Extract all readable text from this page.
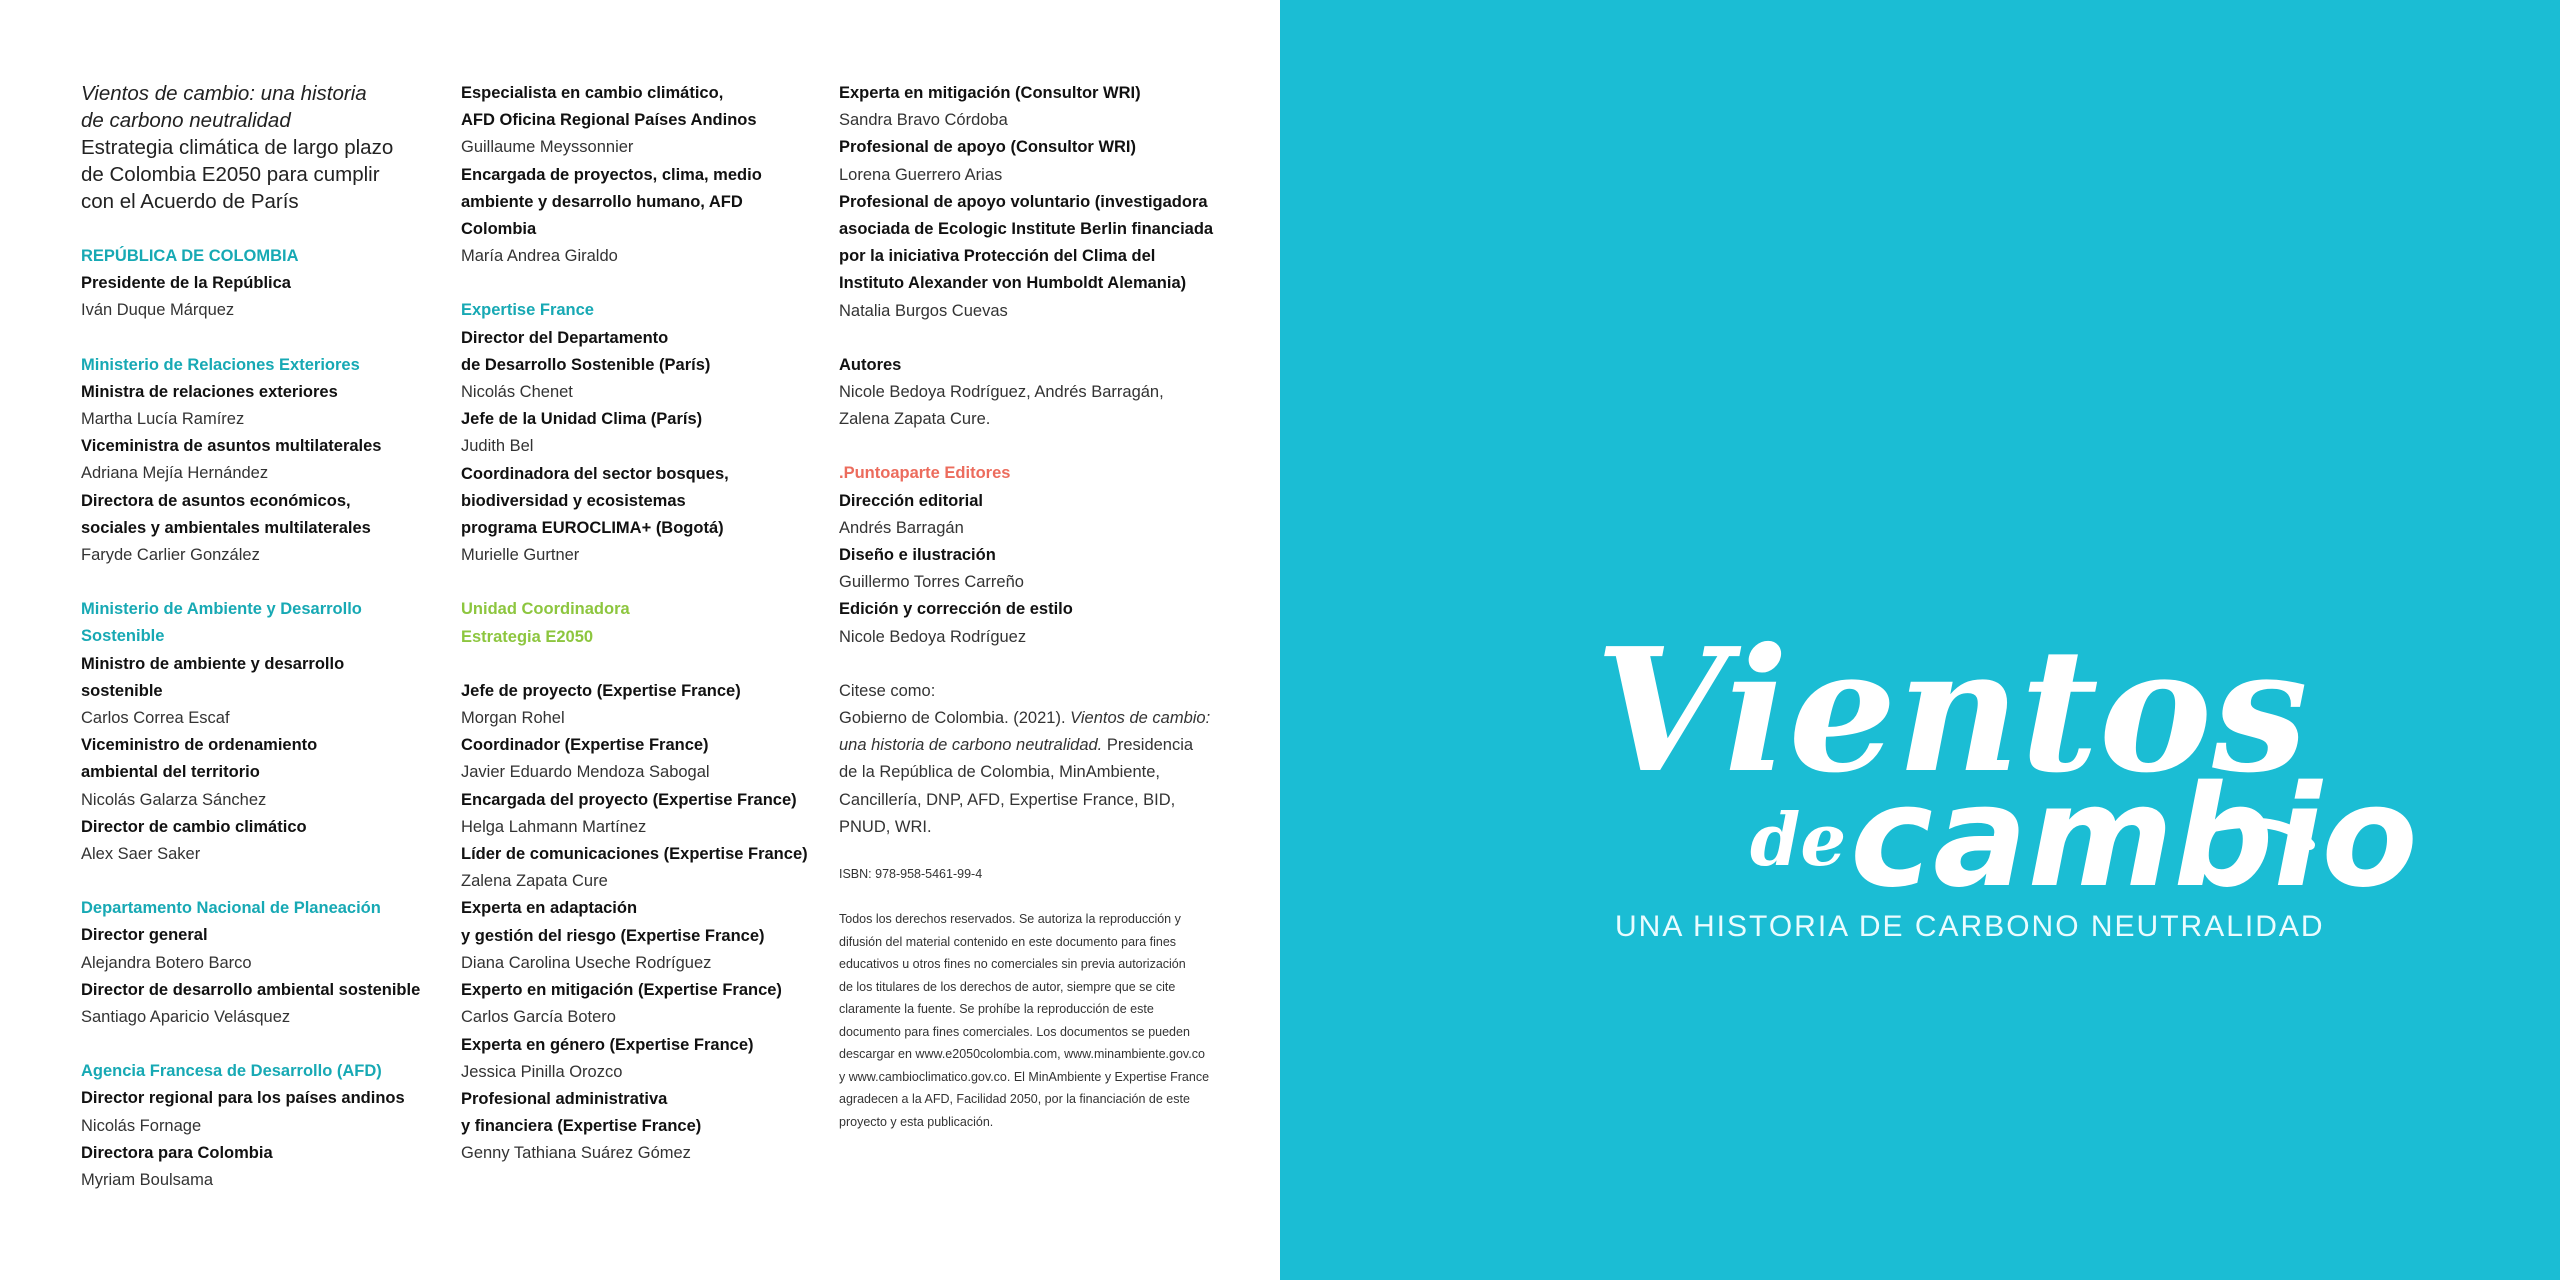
Vientos de cambio: una historia
de carbono neutralidad
Estrategia climática de largo plazo
de Colombia E2050 para cumplir
con el Acuerdo de París
REPÚBLICA DE COLOMBIA
Presidente de la República
Iván Duque Márquez
Ministerio de Relaciones Exteriores
Ministra de relaciones exteriores
Martha Lucía Ramírez
Viceministra de asuntos multilaterales
Adriana Mejía Hernández
Directora de asuntos económicos,
sociales y ambientales multilaterales
Faryde Carlier González
Ministerio de Ambiente y Desarrollo
Sostenible
Ministro de ambiente y desarrollo sostenible
Carlos Correa Escaf
Viceministro de ordenamiento
ambiental del territorio
Nicolás Galarza Sánchez
Director de cambio climático
Alex Saer Saker
Departamento Nacional de Planeación
Director general
Alejandra Botero Barco
Director de desarrollo ambiental sostenible
Santiago Aparicio Velásquez
Agencia Francesa de Desarrollo (AFD)
Director regional para los países andinos
Nicolás Fornage
Directora para Colombia
Myriam Boulsama
Especialista en cambio climático,
AFD Oficina Regional Países Andinos
Guillaume Meyssonnier
Encargada de proyectos, clima, medio
ambiente y desarrollo humano, AFD Colombia
María Andrea Giraldo
Expertise France
Director del Departamento
de Desarrollo Sostenible (París)
Nicolás Chenet
Jefe de la Unidad Clima (París)
Judith Bel
Coordinadora del sector bosques,
biodiversidad y ecosistemas
programa EUROCLIMA+ (Bogotá)
Murielle Gurtner
Unidad Coordinadora
Estrategia E2050
Jefe de proyecto (Expertise France)
Morgan Rohel
Coordinador (Expertise France)
Javier Eduardo Mendoza Sabogal
Encargada del proyecto (Expertise France)
Helga Lahmann Martínez
Líder de comunicaciones (Expertise France)
Zalena Zapata Cure
Experta en adaptación
y gestión del riesgo (Expertise France)
Diana Carolina Useche Rodríguez
Experto en mitigación (Expertise France)
Carlos García Botero
Experta en género (Expertise France)
Jessica Pinilla Orozco
Profesional administrativa
y financiera (Expertise France)
Genny Tathiana Suárez Gómez
Experta en mitigación (Consultor WRI)
Sandra Bravo Córdoba
Profesional de apoyo (Consultor WRI)
Lorena Guerrero Arias
Profesional de apoyo voluntario (investigadora
asociada de Ecologic Institute Berlin financiada
por la iniciativa Protección del Clima del
Instituto Alexander von Humboldt Alemania)
Natalia Burgos Cuevas
Autores
Nicole Bedoya Rodríguez, Andrés Barragán,
Zalena Zapata Cure.
.Puntoaparte Editores
Dirección editorial
Andrés Barragán
Diseño e ilustración
Guillermo Torres Carreño
Edición y corrección de estilo
Nicole Bedoya Rodríguez
Citese como:
Gobierno de Colombia. (2021). Vientos de cambio:
una historia de carbono neutralidad. Presidencia
de la República de Colombia, MinAmbiente,
Cancillería, DNP, AFD, Expertise France, BID,
PNUD, WRI.
ISBN: 978-958-5461-99-4
Todos los derechos reservados. Se autoriza la reproducción y
difusión del material contenido en este documento para fines
educativos u otros fines no comerciales sin previa autorización
de los titulares de los derechos de autor, siempre que se cite
claramente la fuente. Se prohíbe la reproducción de este
documento para fines comerciales. Los documentos se pueden
descargar en www.e2050colombia.com, www.minambiente.gov.co
y www.cambioclimatico.gov.co. El MinAmbiente y Expertise France
agradecen a la AFD, Facilidad 2050, por la financiación de este
proyecto y esta publicación.
Vientos
de cambio
UNA HISTORIA DE CARBONO NEUTRALIDAD
